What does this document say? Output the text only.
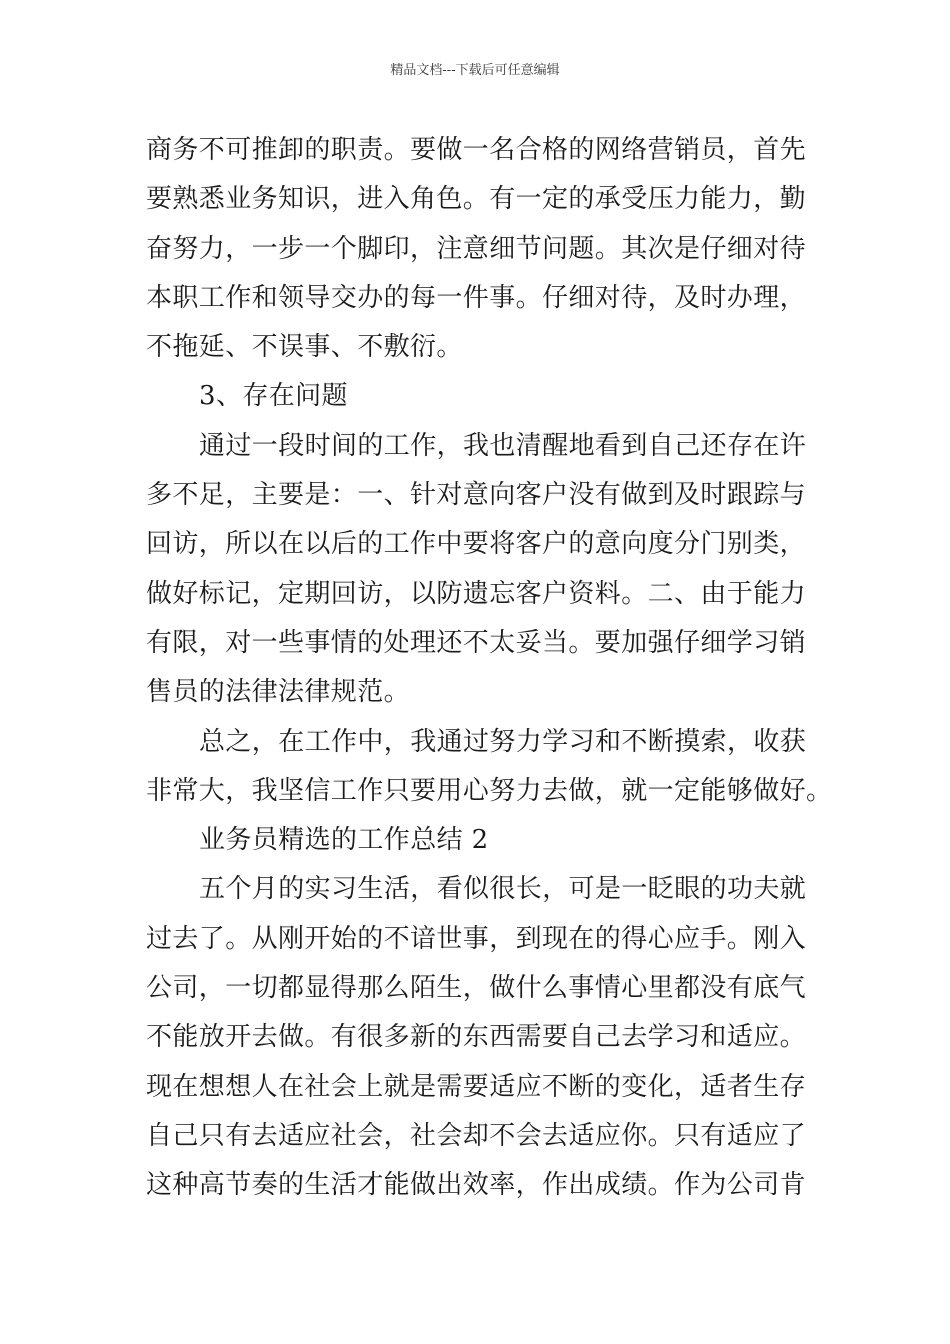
精品文档---下载后可任意编辑
商务不可推卸的职责。要做一名合格的网络营销员，首先
要熟悉业务知识，进入角色。有一定的承受压力能力，勤
奋努力，一步一个脚印，注意细节问题。其次是仔细对待
本职工作和领导交办的每一件事。仔细对待，及时办理，
不拖延、不误事、不敷衍。
3、存在问题
通过一段时间的工作，我也清醒地看到自己还存在许
多不足，主要是：一、针对意向客户没有做到及时跟踪与
回访，所以在以后的工作中要将客户的意向度分门别类，
做好标记，定期回访，以防遗忘客户资料。二、由于能力
有限，对一些事情的处理还不太妥当。要加强仔细学习销
售员的法律法律规范。
总之，在工作中，我通过努力学习和不断摸索，收获
非常大，我坚信工作只要用心努力去做，就一定能够做好。
业务员精选的工作总结 2
五个月的实习生活，看似很长，可是一眨眼的功夫就
过去了。从刚开始的不谙世事，到现在的得心应手。刚入
公司，一切都显得那么陌生，做什么事情心里都没有底气
不能放开去做。有很多新的东西需要自己去学习和适应。
现在想想人在社会上就是需要适应不断的变化，适者生存
自己只有去适应社会，社会却不会去适应你。只有适应了
这种高节奏的生活才能做出效率，作出成绩。作为公司肯
